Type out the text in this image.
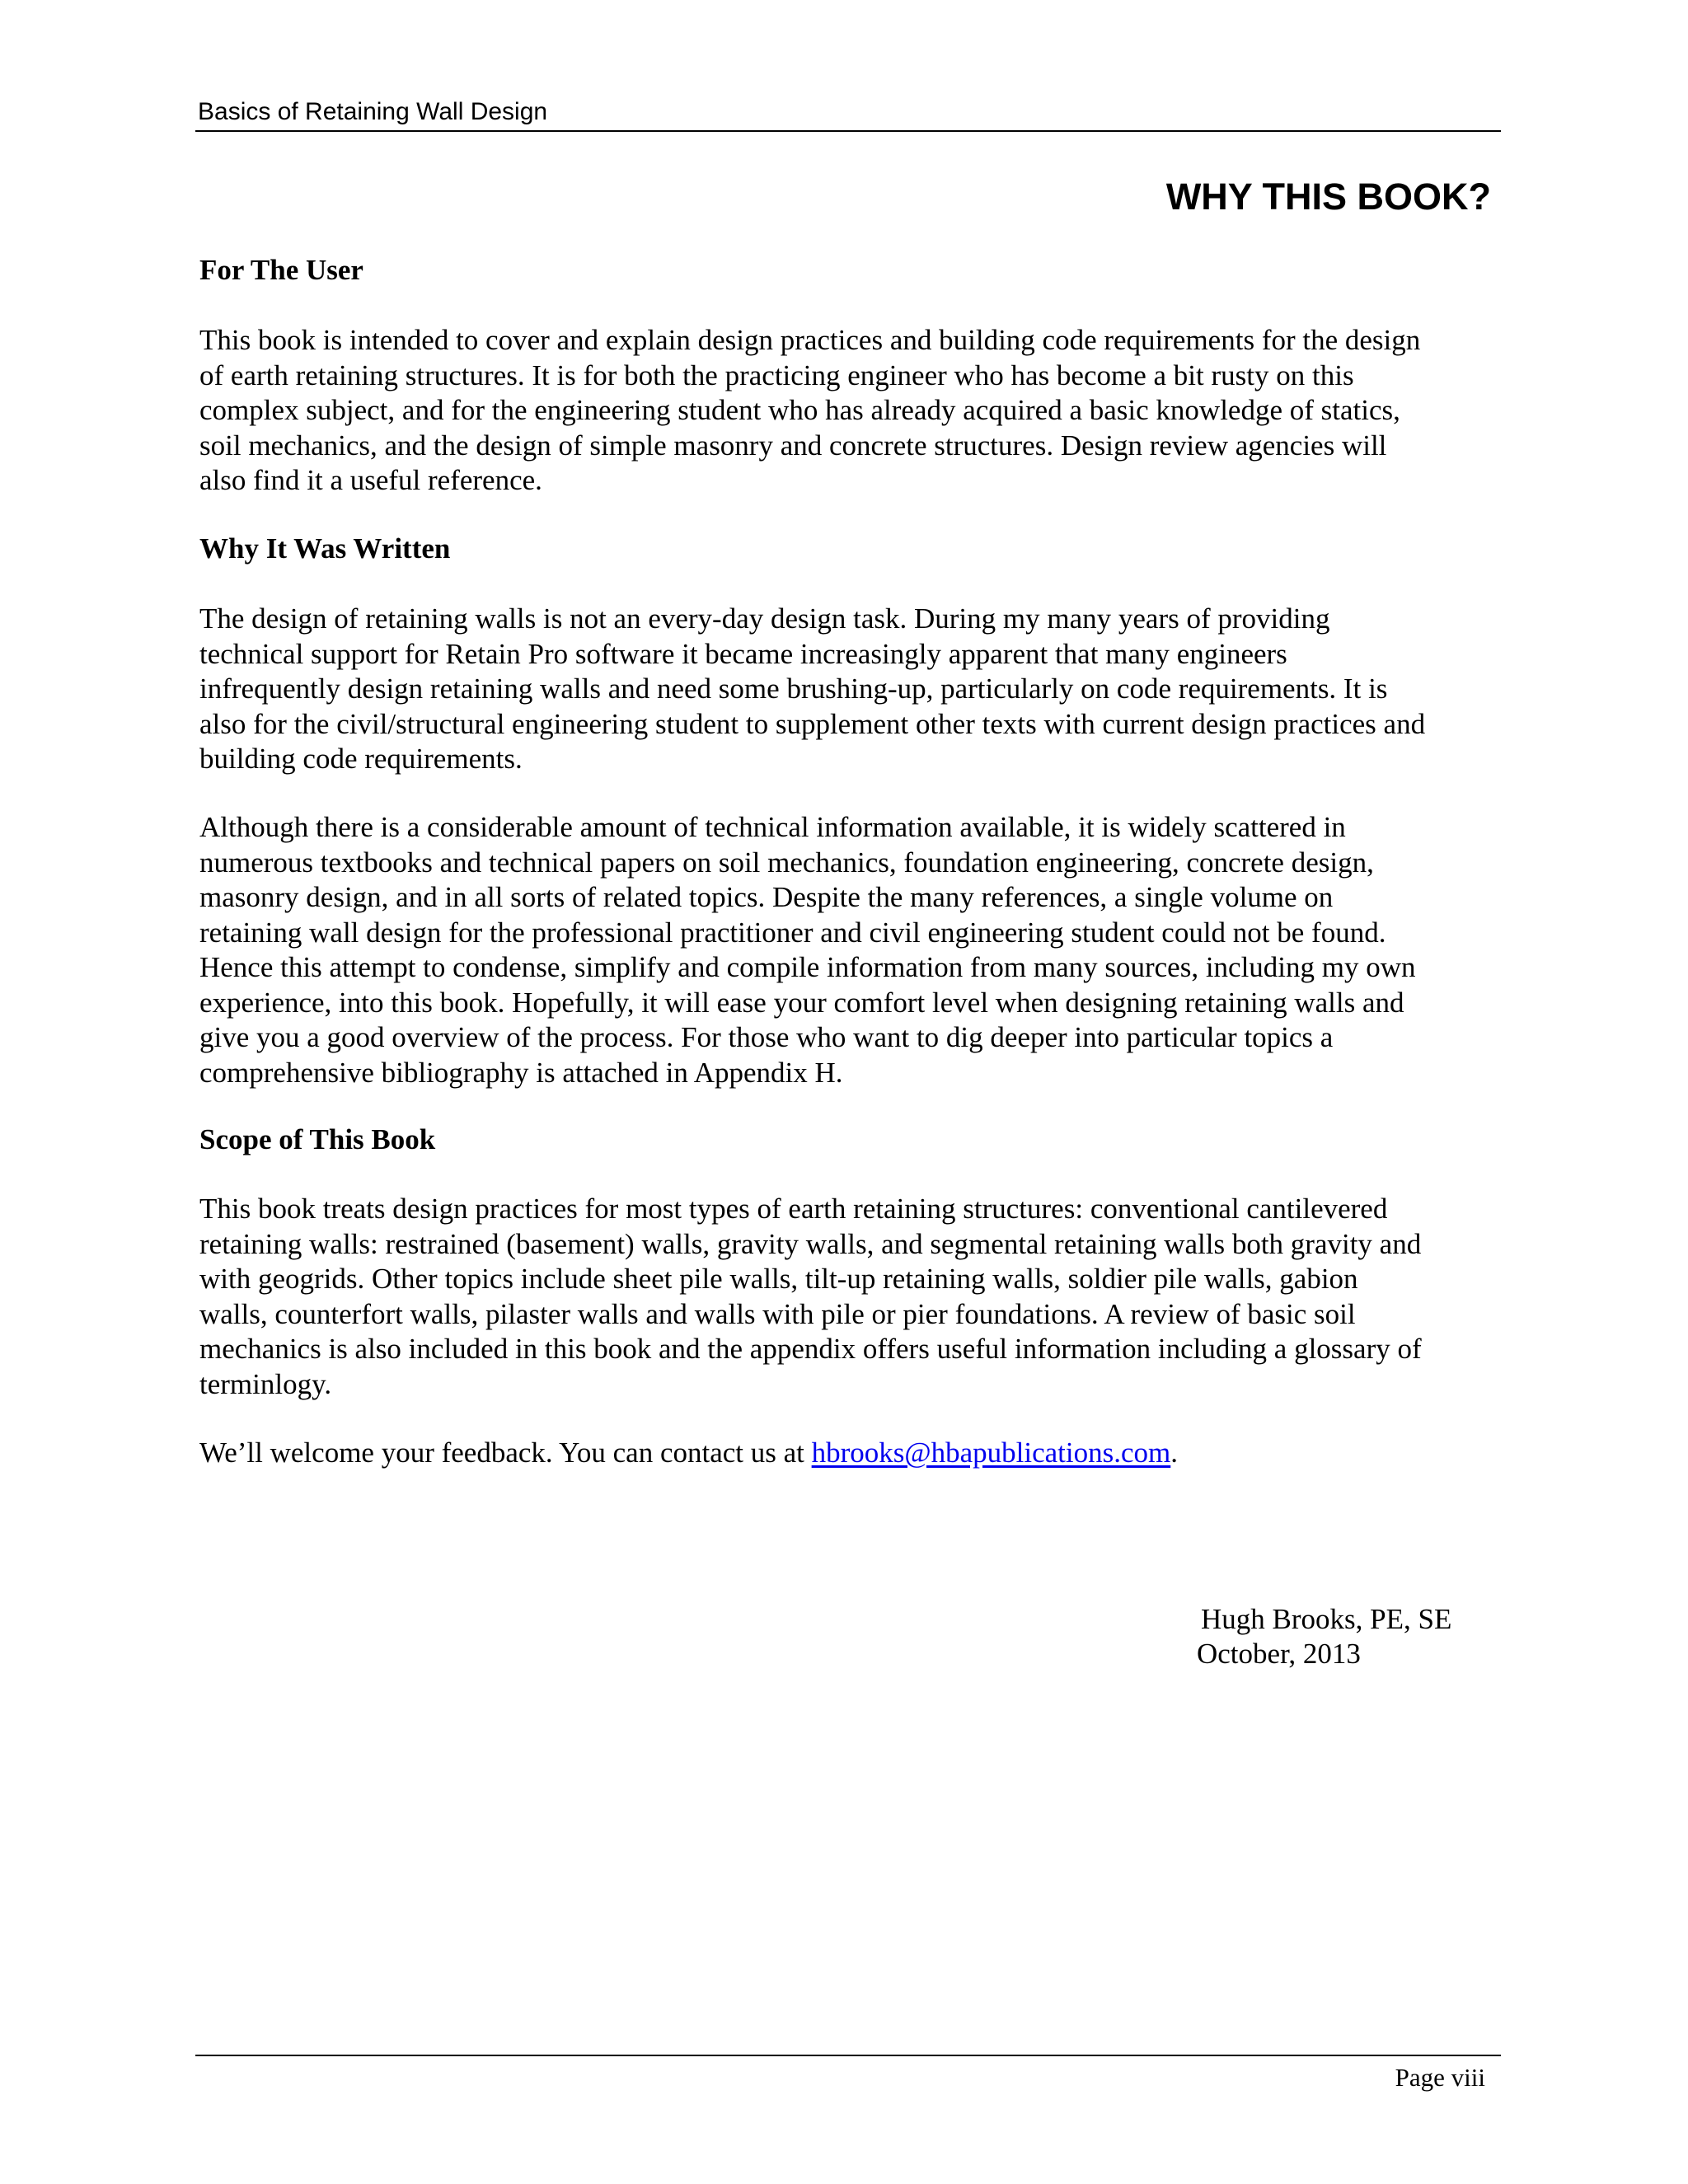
Basics of Retaining Wall Design
WHY THIS BOOK?
For The User

This book is intended to cover and explain design practices and building code requirements for the design
of earth retaining structures. It is for both the practicing engineer who has become a bit rusty on this
complex subject, and for the engineering student who has already acquired a basic knowledge of statics,
soil mechanics, and the design of simple masonry and concrete structures. Design review agencies will
also find it a useful reference.

Why It Was Written

The design of retaining walls is not an every-day design task. During my many years of providing
technical support for Retain Pro software it became increasingly apparent that many engineers
infrequently design retaining walls and need some brushing-up, particularly on code requirements. It is
also for the civil/structural engineering student to supplement other texts with current design practices and
building code requirements.

Although there is a considerable amount of technical information available, it is widely scattered in
numerous textbooks and technical papers on soil mechanics, foundation engineering, concrete design,
masonry design, and in all sorts of related topics. Despite the many references, a single volume on
retaining wall design for the professional practitioner and civil engineering student could not be found.
Hence this attempt to condense, simplify and compile information from many sources, including my own
experience, into this book. Hopefully, it will ease your comfort level when designing retaining walls and
give you a good overview of the process. For those who want to dig deeper into particular topics a
comprehensive bibliography is attached in Appendix H.

Scope of This Book

This book treats design practices for most types of earth retaining structures: conventional cantilevered
retaining walls: restrained (basement) walls, gravity walls, and segmental retaining walls both gravity and
with geogrids. Other topics include sheet pile walls, tilt-up retaining walls, soldier pile walls, gabion
walls, counterfort walls, pilaster walls and walls with pile or pier foundations. A review of basic soil
mechanics is also included in this book and the appendix offers useful information including a glossary of
terminlogy.

We’ll welcome your feedback. You can contact us at hbrooks@hbapublications.com.

Hugh Brooks, PE, SE

October, 2013

Page viii
